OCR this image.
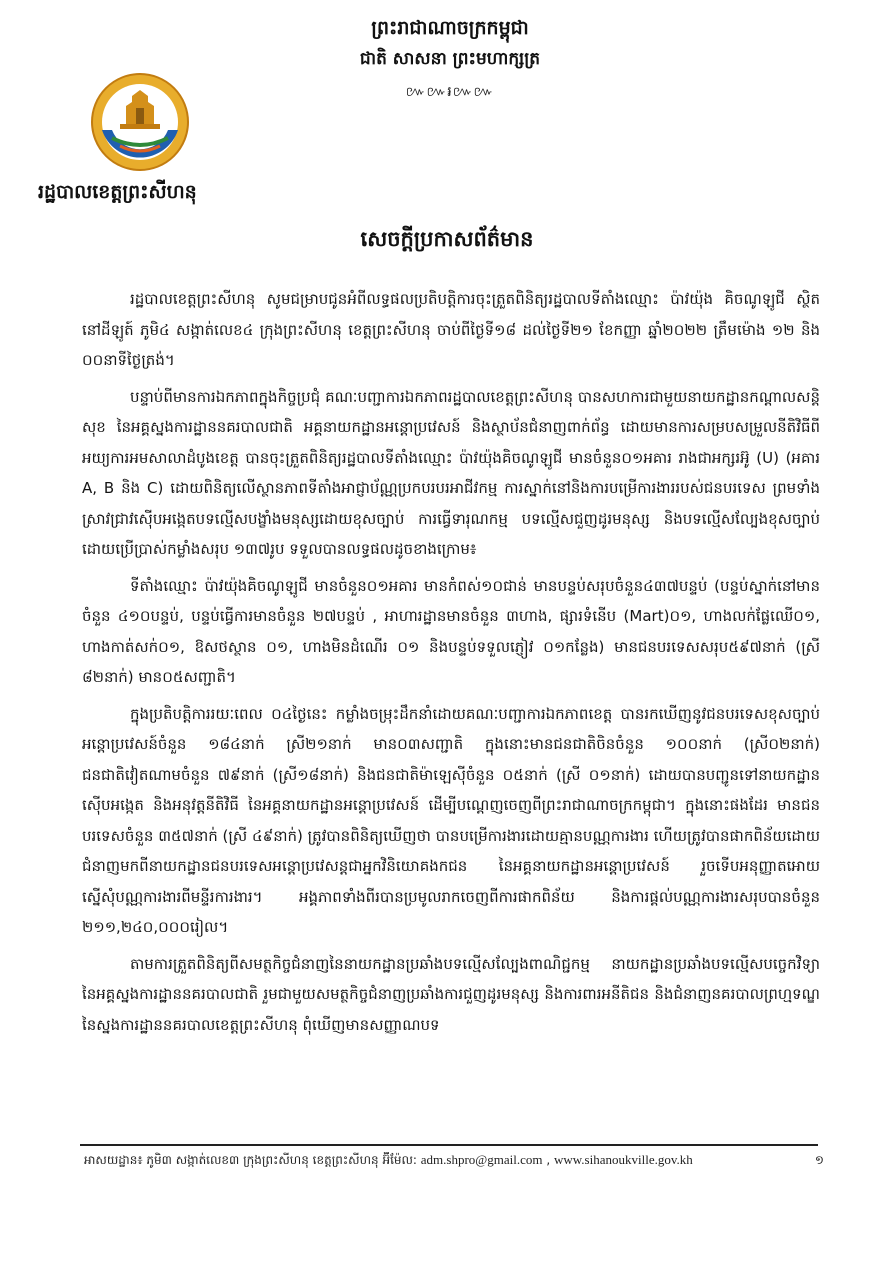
ព្រះរាជាណាចក្រកម្ពុជា
ជាតិ សាសនា ព្រះមហាក្សត្រ
៚៚៛៚៚
រដ្ឋបាលខេត្តព្រះសីហនុ
សេចក្ដីប្រកាសព័ត៌មាន

រដ្ឋបាលខេត្តព្រះសីហនុ សូមជម្រាបជូនអំពីលទ្ធផលប្រតិបត្តិការចុះត្រួតពិនិត្យរដ្ឋបាលទីតាំងឈ្មោះ ប៉ាវយ៉ុង គិចណូឡូជី ស្ថិតនៅដីឡូត៍ ភូមិ៤ សង្កាត់លេខ៤ ក្រុងព្រះសីហនុ ខេត្តព្រះសីហនុ ចាប់ពីថ្ងៃទី១៨ ដល់ថ្ងៃទី២១ ខែកញ្ញា ឆ្នាំ២០២២ ត្រឹមម៉ោង ១២ និង ០០នាទីថ្ងៃត្រង់។

បន្ទាប់ពីមានការឯកភាពក្នុងកិច្ចប្រជុំ គណៈបញ្ជាការឯកភាពរដ្ឋបាលខេត្តព្រះសីហនុ បានសហការជាមួយនាយកដ្ឋានកណ្ដាលសន្តិសុខ នៃអគ្គស្នងការដ្ឋាននគរបាលជាតិ អគ្គនាយកដ្ឋានអន្តោប្រវេសន៍ និងស្ថាប័នជំនាញពាក់ព័ន្ធ ដោយមានការសម្របសម្រួលនីតិវិធីពីអយ្យការអមសាលាដំបូងខេត្ត បានចុះត្រួតពិនិត្យរដ្ឋបាលទីតាំងឈ្មោះ ប៉ាវយ៉ុងគិចណូឡូជី មានចំនួន០១អគារ រាងជាអក្សរអ៊ូ (U) (អគារ A, B និង C) ដោយពិនិត្យលើស្ថានភាពទីតាំងអាជ្ញាប័ណ្ណប្រកបរបរអាជីវកម្ម ការស្នាក់នៅនិងការបម្រើការងាររបស់ជនបរទេស ព្រមទាំងស្រាវជ្រាវស៊ើបអង្កេតបទល្មើសបង្ខាំងមនុស្សដោយខុសច្បាប់ ការធ្វើទារុណកម្ម បទល្មើសជួញដូរមនុស្ស និងបទល្មើសល្បែងខុសច្បាប់ ដោយប្រើប្រាស់កម្លាំងសរុប ១៣៧រូប ទទួលបានលទ្ធផលដូចខាងក្រោម៖

ទីតាំងឈ្មោះ ប៉ាវយ៉ុងគិចណូឡូជី មានចំនួន០១អគារ មានកំពស់១០ជាន់ មានបន្ទប់សរុបចំនួន៤៣៧បន្ទប់ (បន្ទប់ស្នាក់នៅមានចំនួន ៤១០បន្ទប់, បន្ទប់ធ្វើការមានចំនួន ២៧បន្ទប់ , អាហារដ្ឋានមានចំនួន ៣ហាង, ផ្សារទំនើប (Mart)០១, ហាងលក់ផ្លែឈើ០១, ហាងកាត់សក់០១, ឱសថស្ថាន ០១, ហាងមិនដំណើរ ០១ និងបន្ទប់ទទួលភ្ញៀវ ០១កន្លែង) មានជនបរទេសសរុប៥៩៧នាក់ (ស្រី ៨២នាក់) មាន០៥សញ្ជាតិ។

ក្នុងប្រតិបត្តិការរយៈពេល ០៤ថ្ងៃនេះ កម្លាំងចម្រុះដឹកនាំដោយគណៈបញ្ជាការឯកភាពខេត្ត បានរកឃើញនូវជនបរទេសខុសច្បាប់អន្តោប្រវេសន៍ចំនួន ១៨៤នាក់ ស្រី២១នាក់ មាន០៣សញ្ជាតិ ក្នុងនោះមានជនជាតិចិនចំនួន ១០០នាក់ (ស្រី០២នាក់) ជនជាតិវៀតណាមចំនួន ៧៩នាក់ (ស្រី១៨នាក់) និងជនជាតិម៉ាឡេស៊ីចំនួន ០៥នាក់ (ស្រី ០១នាក់) ដោយបានបញ្ជូនទៅនាយកដ្ឋានស៊ើបអង្កេត និងអនុវត្តនីតិវិធី នៃអគ្គនាយកដ្ឋានអន្តោប្រវេសន៍ ដើម្បីបណ្ដេញចេញពីព្រះរាជាណាចក្រកម្ពុជា។ ក្នុងនោះផងដែរ មានជនបរទេសចំនួន ៣៥៧នាក់ (ស្រី ៤៩នាក់) ត្រូវបានពិនិត្យឃើញថា បានបម្រើការងារដោយគ្មានបណ្ណការងារ ហើយត្រូវបានផាកពិន័យដោយជំនាញមកពីនាយកដ្ឋានជនបរទេសអន្តោប្រវេសន្តជាអ្នកវិនិយោគងកជន នៃអគ្គនាយកដ្ឋានអន្តោប្រវេសន៍ រួចទើបអនុញ្ញាតអោយស្នើសុំបណ្ណការងារពីមន្ទីរការងារ។ អង្គភាពទាំងពីរបានប្រមូលរាកចេញពីការផាកពិន័យ និងការផ្ដល់បណ្ណការងារសរុបបានចំនួន ២១១,២៤០,០០០រៀល។

តាមការត្រួតពិនិត្យពីសមត្ថកិច្ចជំនាញនៃនាយកដ្ឋានប្រឆាំងបទល្មើសល្បែងពាណិជ្ជកម្ម នាយកដ្ឋានប្រឆាំងបទល្មើសបច្ចេកវិទ្យា នៃអគ្គស្នងការដ្ឋាននគរបាលជាតិ រួមជាមួយសមត្ថកិច្ចជំនាញប្រឆាំងការជួញដូរមនុស្ស និងការពារអនីតិជន និងជំនាញនគរបាលព្រហ្មទណ្ឌ នៃស្នងការដ្ឋាននគរបាលខេត្តព្រះសីហនុ ពុំឃើញមានសញ្ញាណបទ

អាសយដ្ឋាន៖ ភូមិ៣ សង្កាត់លេខ៣ ក្រុងព្រះសីហនុ ខេត្តព្រះសីហនុ អ៊ីម៉ែល: adm.shpro@gmail.com , www.sihanoukville.gov.kh	១
